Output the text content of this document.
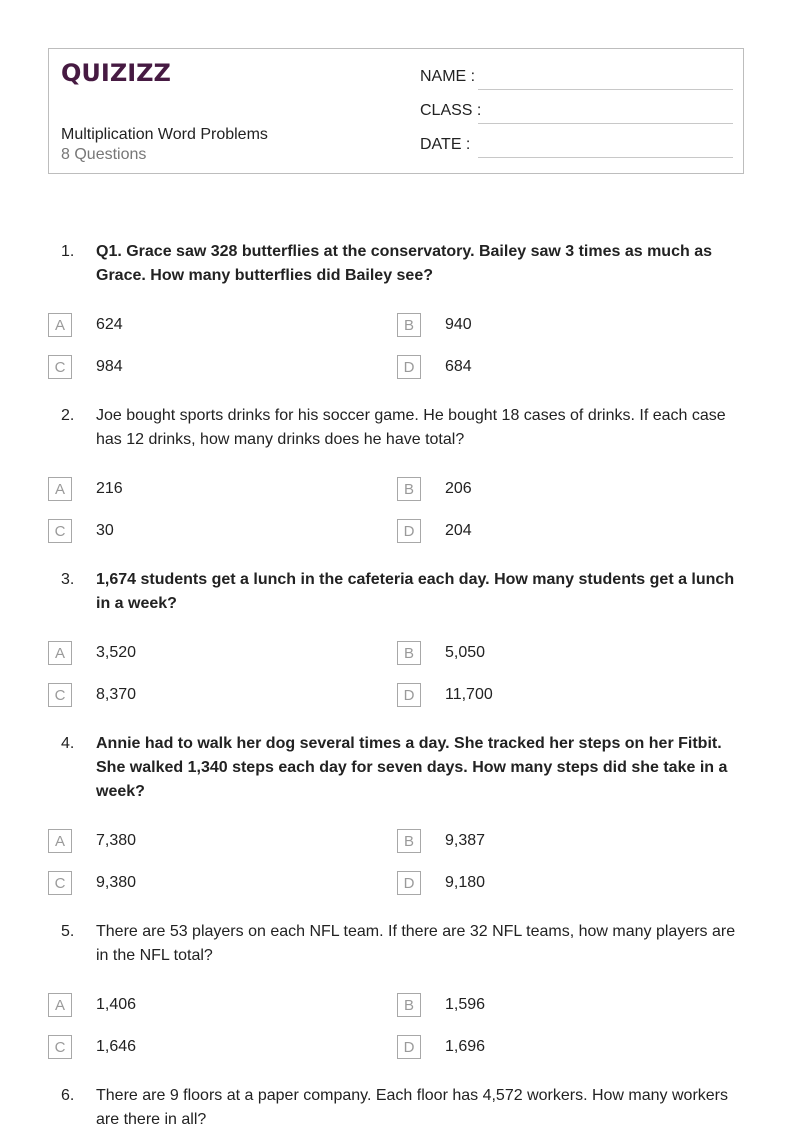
QUIZIZZ
Multiplication Word Problems
8 Questions
NAME :
CLASS :
DATE :
1. Q1. Grace saw 328 butterflies at the conservatory. Bailey saw 3 times as much as Grace. How many butterflies did Bailey see?
A	624	B	940
C	984	D	684
2. Joe bought sports drinks for his soccer game. He bought 18 cases of drinks. If each case has 12 drinks, how many drinks does he have total?
A	216	B	206
C	30	D	204
3. 1,674 students get a lunch in the cafeteria each day. How many students get a lunch in a week?
A	3,520	B	5,050
C	8,370	D	11,700
4. Annie had to walk her dog several times a day. She tracked her steps on her Fitbit. She walked 1,340 steps each day for seven days. How many steps did she take in a week?
A	7,380	B	9,387
C	9,380	D	9,180
5. There are 53 players on each NFL team. If there are 32 NFL teams, how many players are in the NFL total?
A	1,406	B	1,596
C	1,646	D	1,696
6. There are 9 floors at a paper company. Each floor has 4,572 workers. How many workers are there in all?
